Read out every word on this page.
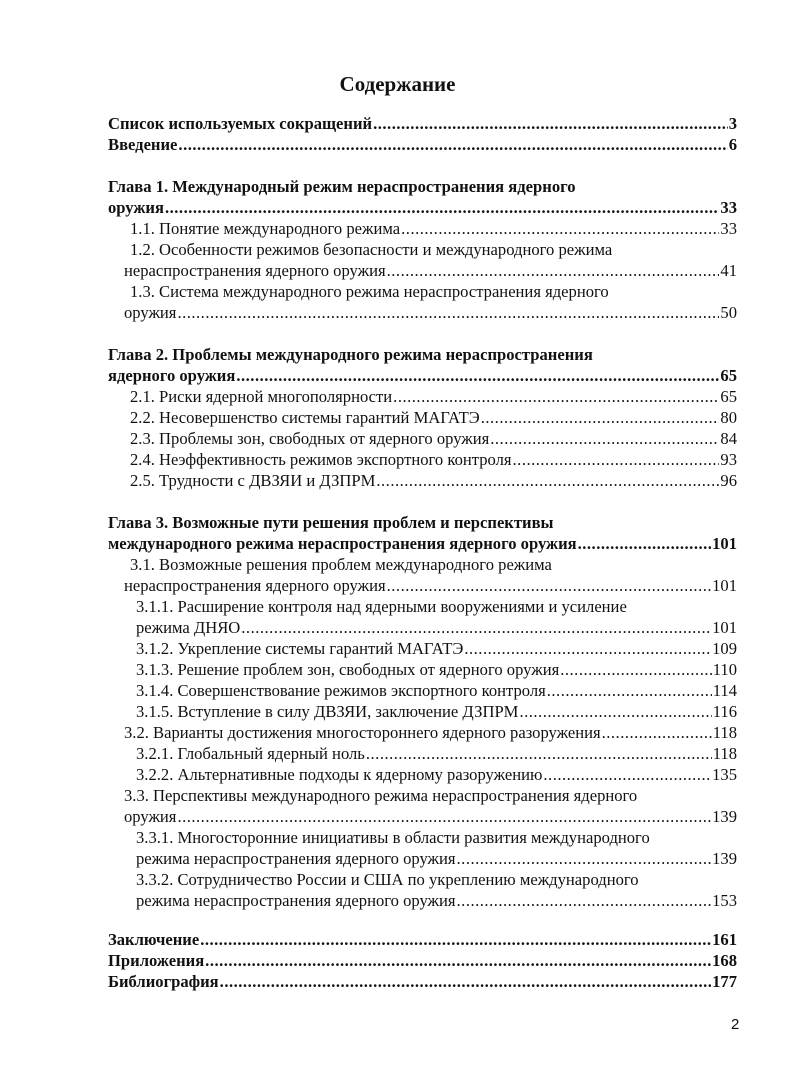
Содержание
Список используемых сокращений .....	3
Введение .....	6
Глава 1. Международный режим нераспространения ядерного
оружия .....	33
1.1. Понятие международного режима .....	33
1.2. Особенности режимов безопасности и международного режима
нераспространения ядерного оружия .....	41
1.3. Система международного режима нераспространения ядерного
оружия .....	50
Глава 2. Проблемы международного режима нераспространения
ядерного оружия .....	65
2.1. Риски ядерной многополярности .....	65
2.2. Несовершенство системы гарантий МАГАТЭ .....	80
2.3. Проблемы зон, свободных от ядерного оружия .....	84
2.4. Неэффективность режимов экспортного контроля .....	93
2.5. Трудности с ДВЗЯИ и ДЗПРМ .....	96
Глава 3. Возможные пути решения проблем и перспективы
международного режима нераспространения ядерного оружия .....	101
3.1. Возможные решения проблем международного режима
нераспространения ядерного оружия .....	101
3.1.1. Расширение контроля над ядерными вооружениями и усиление
режима ДНЯО .....	101
3.1.2. Укрепление системы гарантий МАГАТЭ .....	109
3.1.3. Решение проблем зон, свободных от ядерного оружия .....	110
3.1.4. Совершенствование режимов экспортного контроля .....	114
3.1.5. Вступление в силу ДВЗЯИ, заключение ДЗПРМ .....	116
3.2. Варианты достижения многостороннего ядерного разоружения .....	118
3.2.1. Глобальный ядерный ноль .....	118
3.2.2. Альтернативные подходы к ядерному разоружению .....	135
3.3. Перспективы международного режима нераспространения ядерного
оружия .....	139
3.3.1. Многосторонние инициативы в области развития международного
режима нераспространения ядерного оружия .....	139
3.3.2. Сотрудничество России и США по укреплению международного
режима нераспространения ядерного оружия .....	153
Заключение .....	161
Приложения .....	168
Библиография .....	177
2
